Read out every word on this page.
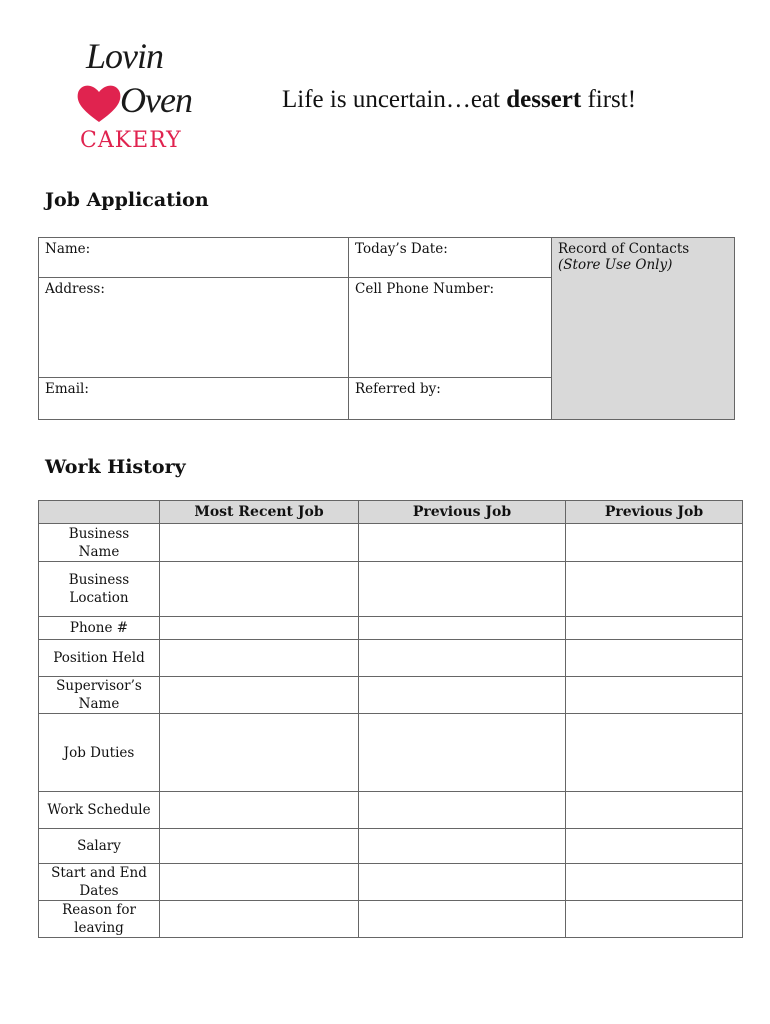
Lovin
Oven
CAKERY
Life is uncertain…eat dessert first!
Job Application
Name:	Today’s Date:	Record of Contacts
(Store Use Only)

Address:	Cell Phone Number:	
Email:	Referred by:	
Work History
	Most Recent Job	Previous Job	Previous Job

Business
Name			

Business
Location			

Phone #			

Position Held			

Supervisor’s
Name			

Job Duties			

Work Schedule			

Salary			

Start and End
Dates			

Reason for
leaving			
